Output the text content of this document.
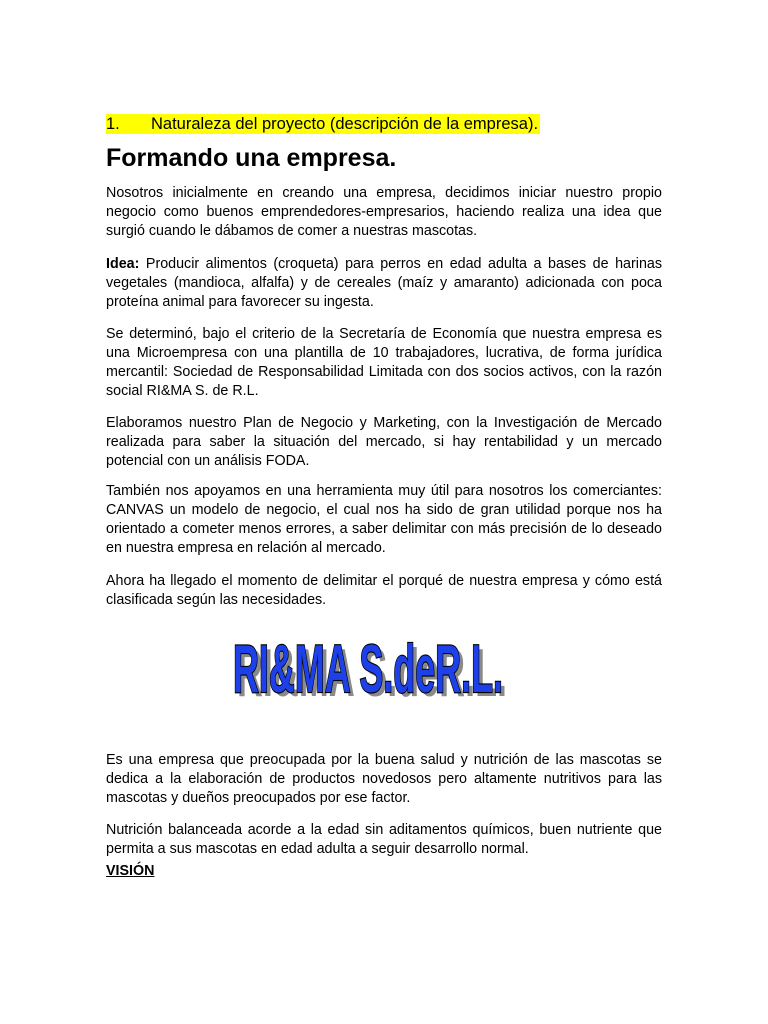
1. Naturaleza del proyecto (descripción de la empresa).
Formando una empresa.

Nosotros inicialmente en creando una empresa, decidimos iniciar nuestro propio negocio como buenos emprendedores-empresarios, haciendo realiza una idea que surgió cuando le dábamos de comer a nuestras mascotas.

Idea: Producir alimentos (croqueta) para perros en edad adulta a bases de harinas vegetales (mandioca, alfalfa) y de cereales (maíz y amaranto) adicionada con poca proteína animal para favorecer su ingesta.

Se determinó, bajo el criterio de la Secretaría de Economía que nuestra empresa es una Microempresa con una plantilla de 10 trabajadores, lucrativa, de forma jurídica mercantil: Sociedad de Responsabilidad Limitada con dos socios activos, con la razón social RI&MA S. de R.L.

Elaboramos nuestro Plan de Negocio y Marketing, con la Investigación de Mercado realizada para saber la situación del mercado, si hay rentabilidad y un mercado potencial con un análisis FODA.

También nos apoyamos en una herramienta muy útil para nosotros los comerciantes: CANVAS un modelo de negocio, el cual nos ha sido de gran utilidad porque nos ha orientado a cometer menos errores, a saber delimitar con más precisión de lo deseado en nuestra empresa en relación al mercado.

Ahora ha llegado el momento de delimitar el porqué de nuestra empresa y cómo está clasificada según las necesidades.

Es una empresa que preocupada por la buena salud y nutrición de las mascotas se dedica a la elaboración de productos novedosos pero altamente nutritivos para las mascotas y dueños preocupados por ese factor.

Nutrición balanceada acorde a la edad sin aditamentos químicos, buen nutriente que permita a sus mascotas en edad adulta a seguir desarrollo normal.

VISIÓN
RI&MA S.deR.L.
RI&MA S.deR.L.
